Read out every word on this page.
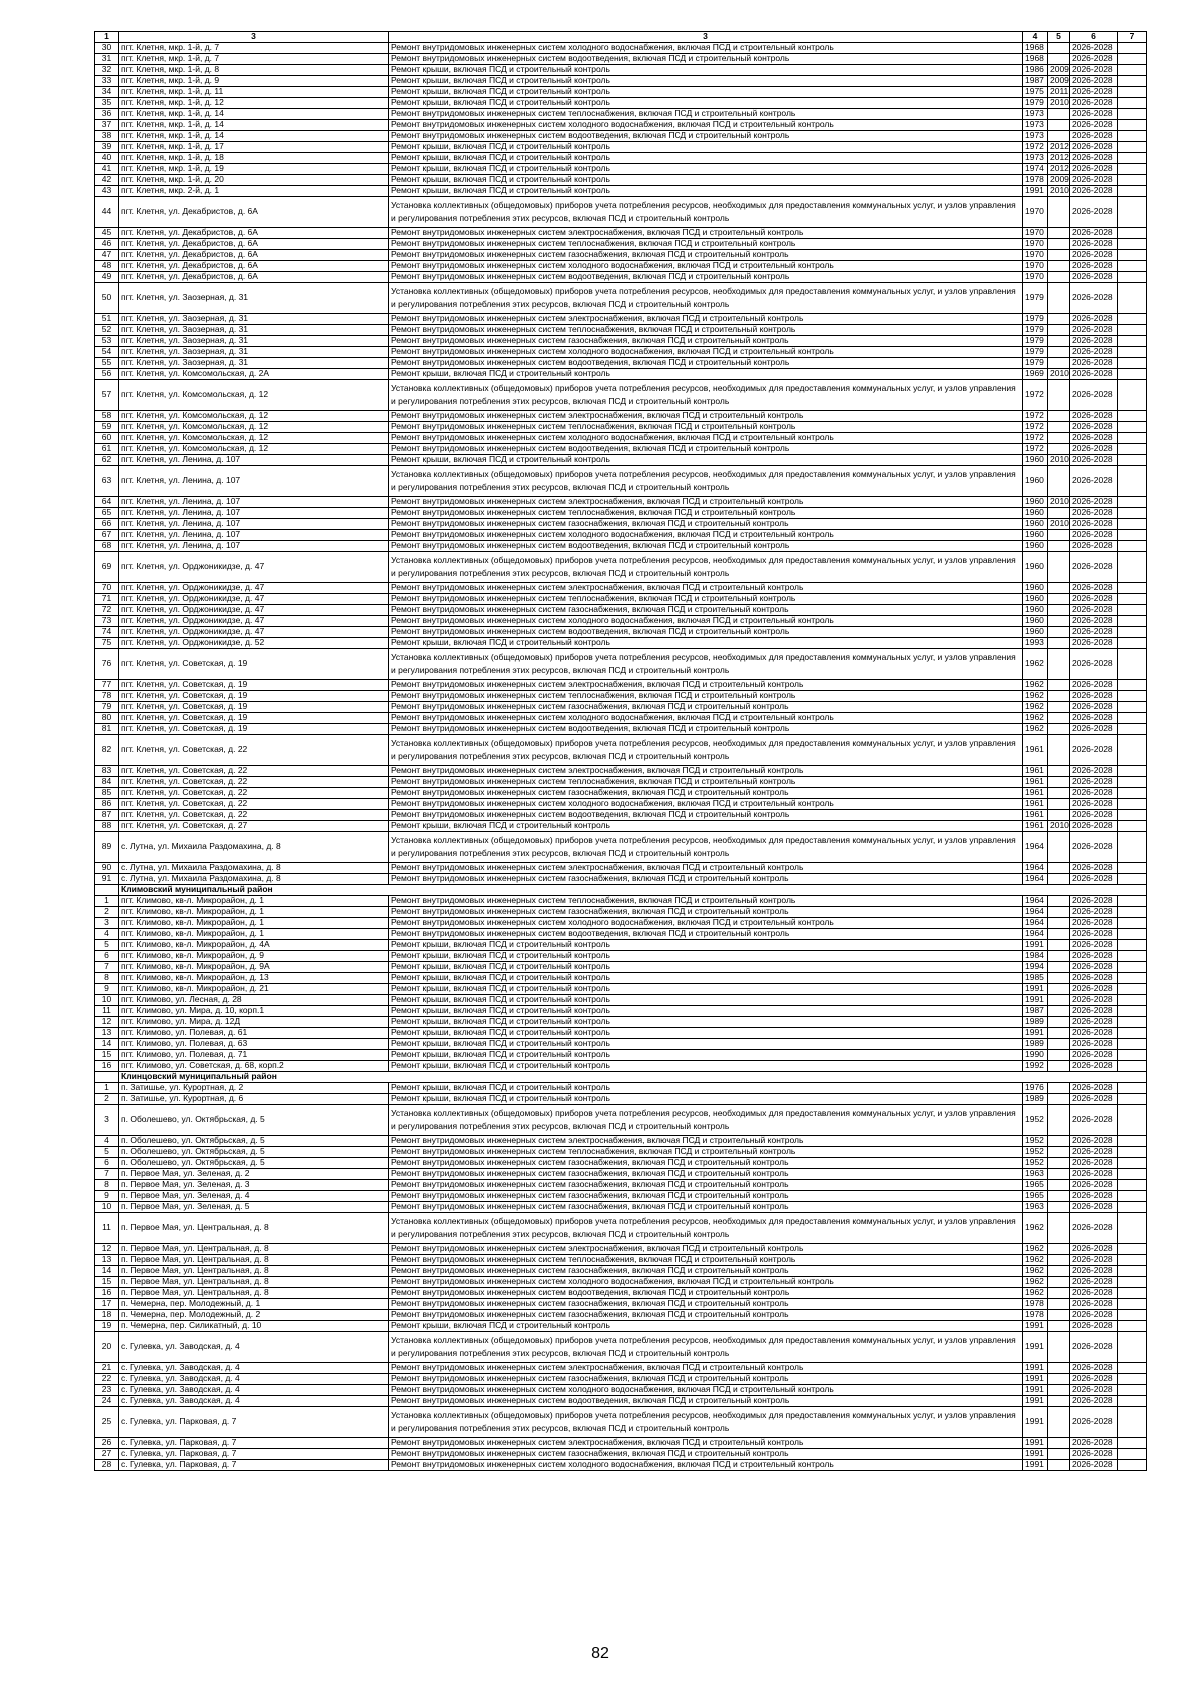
1	3	3	4	5	6	7
30	пгт. Клетня, мкр. 1-й, д. 7	Ремонт внутридомовых инженерных систем холодного водоснабжения, включая ПСД и строительный контроль	1968		2026-2028	
31	пгт. Клетня, мкр. 1-й, д. 7	Ремонт внутридомовых инженерных систем водоотведения, включая ПСД и строительный контроль	1968		2026-2028	
32	пгт. Клетня, мкр. 1-й, д. 8	Ремонт крыши, включая ПСД и строительный контроль	1986	2009	2026-2028	
33	пгт. Клетня, мкр. 1-й, д. 9	Ремонт крыши, включая ПСД и строительный контроль	1987	2009	2026-2028	
34	пгт. Клетня, мкр. 1-й, д. 11	Ремонт крыши, включая ПСД и строительный контроль	1975	2011	2026-2028	
35	пгт. Клетня, мкр. 1-й, д. 12	Ремонт крыши, включая ПСД и строительный контроль	1979	2010	2026-2028	
36	пгт. Клетня, мкр. 1-й, д. 14	Ремонт внутридомовых инженерных систем теплоснабжения, включая ПСД и строительный контроль	1973		2026-2028	
37	пгт. Клетня, мкр. 1-й, д. 14	Ремонт внутридомовых инженерных систем холодного водоснабжения, включая ПСД и строительный контроль	1973		2026-2028	
38	пгт. Клетня, мкр. 1-й, д. 14	Ремонт внутридомовых инженерных систем водоотведения, включая ПСД и строительный контроль	1973		2026-2028	
39	пгт. Клетня, мкр. 1-й, д. 17	Ремонт крыши, включая ПСД и строительный контроль	1972	2012	2026-2028	
40	пгт. Клетня, мкр. 1-й, д. 18	Ремонт крыши, включая ПСД и строительный контроль	1973	2012	2026-2028	
41	пгт. Клетня, мкр. 1-й, д. 19	Ремонт крыши, включая ПСД и строительный контроль	1974	2012	2026-2028	
42	пгт. Клетня, мкр. 1-й, д. 20	Ремонт крыши, включая ПСД и строительный контроль	1978	2009	2026-2028	
43	пгт. Клетня, мкр. 2-й, д. 1	Ремонт крыши, включая ПСД и строительный контроль	1991	2010	2026-2028	
44	пгт. Клетня, ул. Декабристов, д. 6А	Установка коллективных (общедомовых) приборов учета потребления ресурсов, необходимых для предоставления коммунальных услуг, и узлов управления и регулирования потребления этих ресурсов, включая ПСД и строительный контроль	1970		2026-2028	
45	пгт. Клетня, ул. Декабристов, д. 6А	Ремонт внутридомовых инженерных систем электроснабжения, включая ПСД и строительный контроль	1970		2026-2028	
46	пгт. Клетня, ул. Декабристов, д. 6А	Ремонт внутридомовых инженерных систем теплоснабжения, включая ПСД и строительный контроль	1970		2026-2028	
47	пгт. Клетня, ул. Декабристов, д. 6А	Ремонт внутридомовых инженерных систем газоснабжения, включая ПСД и строительный контроль	1970		2026-2028	
48	пгт. Клетня, ул. Декабристов, д. 6А	Ремонт внутридомовых инженерных систем холодного водоснабжения, включая ПСД и строительный контроль	1970		2026-2028	
49	пгт. Клетня, ул. Декабристов, д. 6А	Ремонт внутридомовых инженерных систем водоотведения, включая ПСД и строительный контроль	1970		2026-2028	
50	пгт. Клетня, ул. Заозерная, д. 31	Установка коллективных (общедомовых) приборов учета потребления ресурсов, необходимых для предоставления коммунальных услуг, и узлов управления и регулирования потребления этих ресурсов, включая ПСД и строительный контроль	1979		2026-2028	
51	пгт. Клетня, ул. Заозерная, д. 31	Ремонт внутридомовых инженерных систем электроснабжения, включая ПСД и строительный контроль	1979		2026-2028	
52	пгт. Клетня, ул. Заозерная, д. 31	Ремонт внутридомовых инженерных систем теплоснабжения, включая ПСД и строительный контроль	1979		2026-2028	
53	пгт. Клетня, ул. Заозерная, д. 31	Ремонт внутридомовых инженерных систем газоснабжения, включая ПСД и строительный контроль	1979		2026-2028	
54	пгт. Клетня, ул. Заозерная, д. 31	Ремонт внутридомовых инженерных систем холодного водоснабжения, включая ПСД и строительный контроль	1979		2026-2028	
55	пгт. Клетня, ул. Заозерная, д. 31	Ремонт внутридомовых инженерных систем водоотведения, включая ПСД и строительный контроль	1979		2026-2028	
56	пгт. Клетня, ул. Комсомольская, д. 2А	Ремонт крыши, включая ПСД и строительный контроль	1969	2010	2026-2028	
57	пгт. Клетня, ул. Комсомольская, д. 12	Установка коллективных (общедомовых) приборов учета потребления ресурсов, необходимых для предоставления коммунальных услуг, и узлов управления и регулирования потребления этих ресурсов, включая ПСД и строительный контроль	1972		2026-2028	
58	пгт. Клетня, ул. Комсомольская, д. 12	Ремонт внутридомовых инженерных систем электроснабжения, включая ПСД и строительный контроль	1972		2026-2028	
59	пгт. Клетня, ул. Комсомольская, д. 12	Ремонт внутридомовых инженерных систем теплоснабжения, включая ПСД и строительный контроль	1972		2026-2028	
60	пгт. Клетня, ул. Комсомольская, д. 12	Ремонт внутридомовых инженерных систем холодного водоснабжения, включая ПСД и строительный контроль	1972		2026-2028	
61	пгт. Клетня, ул. Комсомольская, д. 12	Ремонт внутридомовых инженерных систем водоотведения, включая ПСД и строительный контроль	1972		2026-2028	
62	пгт. Клетня, ул. Ленина, д. 107	Ремонт крыши, включая ПСД и строительный контроль	1960	2010	2026-2028	
63	пгт. Клетня, ул. Ленина, д. 107	Установка коллективных (общедомовых) приборов учета потребления ресурсов, необходимых для предоставления коммунальных услуг, и узлов управления и регулирования потребления этих ресурсов, включая ПСД и строительный контроль	1960		2026-2028	
64	пгт. Клетня, ул. Ленина, д. 107	Ремонт внутридомовых инженерных систем электроснабжения, включая ПСД и строительный контроль	1960	2010	2026-2028	
65	пгт. Клетня, ул. Ленина, д. 107	Ремонт внутридомовых инженерных систем теплоснабжения, включая ПСД и строительный контроль	1960		2026-2028	
66	пгт. Клетня, ул. Ленина, д. 107	Ремонт внутридомовых инженерных систем газоснабжения, включая ПСД и строительный контроль	1960	2010	2026-2028	
67	пгт. Клетня, ул. Ленина, д. 107	Ремонт внутридомовых инженерных систем холодного водоснабжения, включая ПСД и строительный контроль	1960		2026-2028	
68	пгт. Клетня, ул. Ленина, д. 107	Ремонт внутридомовых инженерных систем водоотведения, включая ПСД и строительный контроль	1960		2026-2028	
69	пгт. Клетня, ул. Орджоникидзе, д. 47	Установка коллективных (общедомовых) приборов учета потребления ресурсов, необходимых для предоставления коммунальных услуг, и узлов управления и регулирования потребления этих ресурсов, включая ПСД и строительный контроль	1960		2026-2028	
70	пгт. Клетня, ул. Орджоникидзе, д. 47	Ремонт внутридомовых инженерных систем электроснабжения, включая ПСД и строительный контроль	1960		2026-2028	
71	пгт. Клетня, ул. Орджоникидзе, д. 47	Ремонт внутридомовых инженерных систем теплоснабжения, включая ПСД и строительный контроль	1960		2026-2028	
72	пгт. Клетня, ул. Орджоникидзе, д. 47	Ремонт внутридомовых инженерных систем газоснабжения, включая ПСД и строительный контроль	1960		2026-2028	
73	пгт. Клетня, ул. Орджоникидзе, д. 47	Ремонт внутридомовых инженерных систем холодного водоснабжения, включая ПСД и строительный контроль	1960		2026-2028	
74	пгт. Клетня, ул. Орджоникидзе, д. 47	Ремонт внутридомовых инженерных систем водоотведения, включая ПСД и строительный контроль	1960		2026-2028	
75	пгт. Клетня, ул. Орджоникидзе, д. 52	Ремонт крыши, включая ПСД и строительный контроль	1993		2026-2028	
76	пгт. Клетня, ул. Советская, д. 19	Установка коллективных (общедомовых) приборов учета потребления ресурсов, необходимых для предоставления коммунальных услуг, и узлов управления и регулирования потребления этих ресурсов, включая ПСД и строительный контроль	1962		2026-2028	
77	пгт. Клетня, ул. Советская, д. 19	Ремонт внутридомовых инженерных систем электроснабжения, включая ПСД и строительный контроль	1962		2026-2028	
78	пгт. Клетня, ул. Советская, д. 19	Ремонт внутридомовых инженерных систем теплоснабжения, включая ПСД и строительный контроль	1962		2026-2028	
79	пгт. Клетня, ул. Советская, д. 19	Ремонт внутридомовых инженерных систем газоснабжения, включая ПСД и строительный контроль	1962		2026-2028	
80	пгт. Клетня, ул. Советская, д. 19	Ремонт внутридомовых инженерных систем холодного водоснабжения, включая ПСД и строительный контроль	1962		2026-2028	
81	пгт. Клетня, ул. Советская, д. 19	Ремонт внутридомовых инженерных систем водоотведения, включая ПСД и строительный контроль	1962		2026-2028	
82	пгт. Клетня, ул. Советская, д. 22	Установка коллективных (общедомовых) приборов учета потребления ресурсов, необходимых для предоставления коммунальных услуг, и узлов управления и регулирования потребления этих ресурсов, включая ПСД и строительный контроль	1961		2026-2028	
83	пгт. Клетня, ул. Советская, д. 22	Ремонт внутридомовых инженерных систем электроснабжения, включая ПСД и строительный контроль	1961		2026-2028	
84	пгт. Клетня, ул. Советская, д. 22	Ремонт внутридомовых инженерных систем теплоснабжения, включая ПСД и строительный контроль	1961		2026-2028	
85	пгт. Клетня, ул. Советская, д. 22	Ремонт внутридомовых инженерных систем газоснабжения, включая ПСД и строительный контроль	1961		2026-2028	
86	пгт. Клетня, ул. Советская, д. 22	Ремонт внутридомовых инженерных систем холодного водоснабжения, включая ПСД и строительный контроль	1961		2026-2028	
87	пгт. Клетня, ул. Советская, д. 22	Ремонт внутридомовых инженерных систем водоотведения, включая ПСД и строительный контроль	1961		2026-2028	
88	пгт. Клетня, ул. Советская, д. 27	Ремонт крыши, включая ПСД и строительный контроль	1961	2010	2026-2028	
89	с. Лутна, ул. Михаила Раздомахина, д. 8	Установка коллективных (общедомовых) приборов учета потребления ресурсов, необходимых для предоставления коммунальных услуг, и узлов управления и регулирования потребления этих ресурсов, включая ПСД и строительный контроль	1964		2026-2028	
90	с. Лутна, ул. Михаила Раздомахина, д. 8	Ремонт внутридомовых инженерных систем электроснабжения, включая ПСД и строительный контроль	1964		2026-2028	
91	с. Лутна, ул. Михаила Раздомахина, д. 8	Ремонт внутридомовых инженерных систем газоснабжения, включая ПСД и строительный контроль	1964		2026-2028	
	Климовский муниципальный район					
1	пгт. Климово, кв-л. Микрорайон, д. 1	Ремонт внутридомовых инженерных систем теплоснабжения, включая ПСД и строительный контроль	1964		2026-2028	
2	пгт. Климово, кв-л. Микрорайон, д. 1	Ремонт внутридомовых инженерных систем газоснабжения, включая ПСД и строительный контроль	1964		2026-2028	
3	пгт. Климово, кв-л. Микрорайон, д. 1	Ремонт внутридомовых инженерных систем холодного водоснабжения, включая ПСД и строительный контроль	1964		2026-2028	
4	пгт. Климово, кв-л. Микрорайон, д. 1	Ремонт внутридомовых инженерных систем водоотведения, включая ПСД и строительный контроль	1964		2026-2028	
5	пгт. Климово, кв-л. Микрорайон, д. 4А	Ремонт крыши, включая ПСД и строительный контроль	1991		2026-2028	
6	пгт. Климово, кв-л. Микрорайон, д. 9	Ремонт крыши, включая ПСД и строительный контроль	1984		2026-2028	
7	пгт. Климово, кв-л. Микрорайон, д. 9А	Ремонт крыши, включая ПСД и строительный контроль	1994		2026-2028	
8	пгт. Климово, кв-л. Микрорайон, д. 13	Ремонт крыши, включая ПСД и строительный контроль	1985		2026-2028	
9	пгт. Климово, кв-л. Микрорайон, д. 21	Ремонт крыши, включая ПСД и строительный контроль	1991		2026-2028	
10	пгт. Климово, ул. Лесная, д. 28	Ремонт крыши, включая ПСД и строительный контроль	1991		2026-2028	
11	пгт. Климово, ул. Мира, д. 10, корп.1	Ремонт крыши, включая ПСД и строительный контроль	1987		2026-2028	
12	пгт. Климово, ул. Мира, д. 12Д	Ремонт крыши, включая ПСД и строительный контроль	1989		2026-2028	
13	пгт. Климово, ул. Полевая, д. 61	Ремонт крыши, включая ПСД и строительный контроль	1991		2026-2028	
14	пгт. Климово, ул. Полевая, д. 63	Ремонт крыши, включая ПСД и строительный контроль	1989		2026-2028	
15	пгт. Климово, ул. Полевая, д. 71	Ремонт крыши, включая ПСД и строительный контроль	1990		2026-2028	
16	пгт. Климово, ул. Советская, д. 68, корп.2	Ремонт крыши, включая ПСД и строительный контроль	1992		2026-2028	
	Клинцовский муниципальный район					
1	п. Затишье, ул. Курортная, д. 2	Ремонт крыши, включая ПСД и строительный контроль	1976		2026-2028	
2	п. Затишье, ул. Курортная, д. 6	Ремонт крыши, включая ПСД и строительный контроль	1989		2026-2028	
3	п. Оболешево, ул. Октябрьская, д. 5	Установка коллективных (общедомовых) приборов учета потребления ресурсов, необходимых для предоставления коммунальных услуг, и узлов управления и регулирования потребления этих ресурсов, включая ПСД и строительный контроль	1952		2026-2028	
4	п. Оболешево, ул. Октябрьская, д. 5	Ремонт внутридомовых инженерных систем электроснабжения, включая ПСД и строительный контроль	1952		2026-2028	
5	п. Оболешево, ул. Октябрьская, д. 5	Ремонт внутридомовых инженерных систем теплоснабжения, включая ПСД и строительный контроль	1952		2026-2028	
6	п. Оболешево, ул. Октябрьская, д. 5	Ремонт внутридомовых инженерных систем газоснабжения, включая ПСД и строительный контроль	1952		2026-2028	
7	п. Первое Мая, ул. Зеленая, д. 2	Ремонт внутридомовых инженерных систем газоснабжения, включая ПСД и строительный контроль	1963		2026-2028	
8	п. Первое Мая, ул. Зеленая, д. 3	Ремонт внутридомовых инженерных систем газоснабжения, включая ПСД и строительный контроль	1965		2026-2028	
9	п. Первое Мая, ул. Зеленая, д. 4	Ремонт внутридомовых инженерных систем газоснабжения, включая ПСД и строительный контроль	1965		2026-2028	
10	п. Первое Мая, ул. Зеленая, д. 5	Ремонт внутридомовых инженерных систем газоснабжения, включая ПСД и строительный контроль	1963		2026-2028	
11	п. Первое Мая, ул. Центральная, д. 8	Установка коллективных (общедомовых) приборов учета потребления ресурсов, необходимых для предоставления коммунальных услуг, и узлов управления и регулирования потребления этих ресурсов, включая ПСД и строительный контроль	1962		2026-2028	
12	п. Первое Мая, ул. Центральная, д. 8	Ремонт внутридомовых инженерных систем электроснабжения, включая ПСД и строительный контроль	1962		2026-2028	
13	п. Первое Мая, ул. Центральная, д. 8	Ремонт внутридомовых инженерных систем теплоснабжения, включая ПСД и строительный контроль	1962		2026-2028	
14	п. Первое Мая, ул. Центральная, д. 8	Ремонт внутридомовых инженерных систем газоснабжения, включая ПСД и строительный контроль	1962		2026-2028	
15	п. Первое Мая, ул. Центральная, д. 8	Ремонт внутридомовых инженерных систем холодного водоснабжения, включая ПСД и строительный контроль	1962		2026-2028	
16	п. Первое Мая, ул. Центральная, д. 8	Ремонт внутридомовых инженерных систем водоотведения, включая ПСД и строительный контроль	1962		2026-2028	
17	п. Чемерна, пер. Молодежный, д. 1	Ремонт внутридомовых инженерных систем газоснабжения, включая ПСД и строительный контроль	1978		2026-2028	
18	п. Чемерна, пер. Молодежный, д. 2	Ремонт внутридомовых инженерных систем газоснабжения, включая ПСД и строительный контроль	1978		2026-2028	
19	п. Чемерна, пер. Силикатный, д. 10	Ремонт крыши, включая ПСД и строительный контроль	1991		2026-2028	
20	с. Гулевка, ул. Заводская, д. 4	Установка коллективных (общедомовых) приборов учета потребления ресурсов, необходимых для предоставления коммунальных услуг, и узлов управления и регулирования потребления этих ресурсов, включая ПСД и строительный контроль	1991		2026-2028	
21	с. Гулевка, ул. Заводская, д. 4	Ремонт внутридомовых инженерных систем электроснабжения, включая ПСД и строительный контроль	1991		2026-2028	
22	с. Гулевка, ул. Заводская, д. 4	Ремонт внутридомовых инженерных систем газоснабжения, включая ПСД и строительный контроль	1991		2026-2028	
23	с. Гулевка, ул. Заводская, д. 4	Ремонт внутридомовых инженерных систем холодного водоснабжения, включая ПСД и строительный контроль	1991		2026-2028	
24	с. Гулевка, ул. Заводская, д. 4	Ремонт внутридомовых инженерных систем водоотведения, включая ПСД и строительный контроль	1991		2026-2028	
25	с. Гулевка, ул. Парковая, д. 7	Установка коллективных (общедомовых) приборов учета потребления ресурсов, необходимых для предоставления коммунальных услуг, и узлов управления и регулирования потребления этих ресурсов, включая ПСД и строительный контроль	1991		2026-2028	
26	с. Гулевка, ул. Парковая, д. 7	Ремонт внутридомовых инженерных систем электроснабжения, включая ПСД и строительный контроль	1991		2026-2028	
27	с. Гулевка, ул. Парковая, д. 7	Ремонт внутридомовых инженерных систем газоснабжения, включая ПСД и строительный контроль	1991		2026-2028	
28	с. Гулевка, ул. Парковая, д. 7	Ремонт внутридомовых инженерных систем холодного водоснабжения, включая ПСД и строительный контроль	1991		2026-2028	
82
